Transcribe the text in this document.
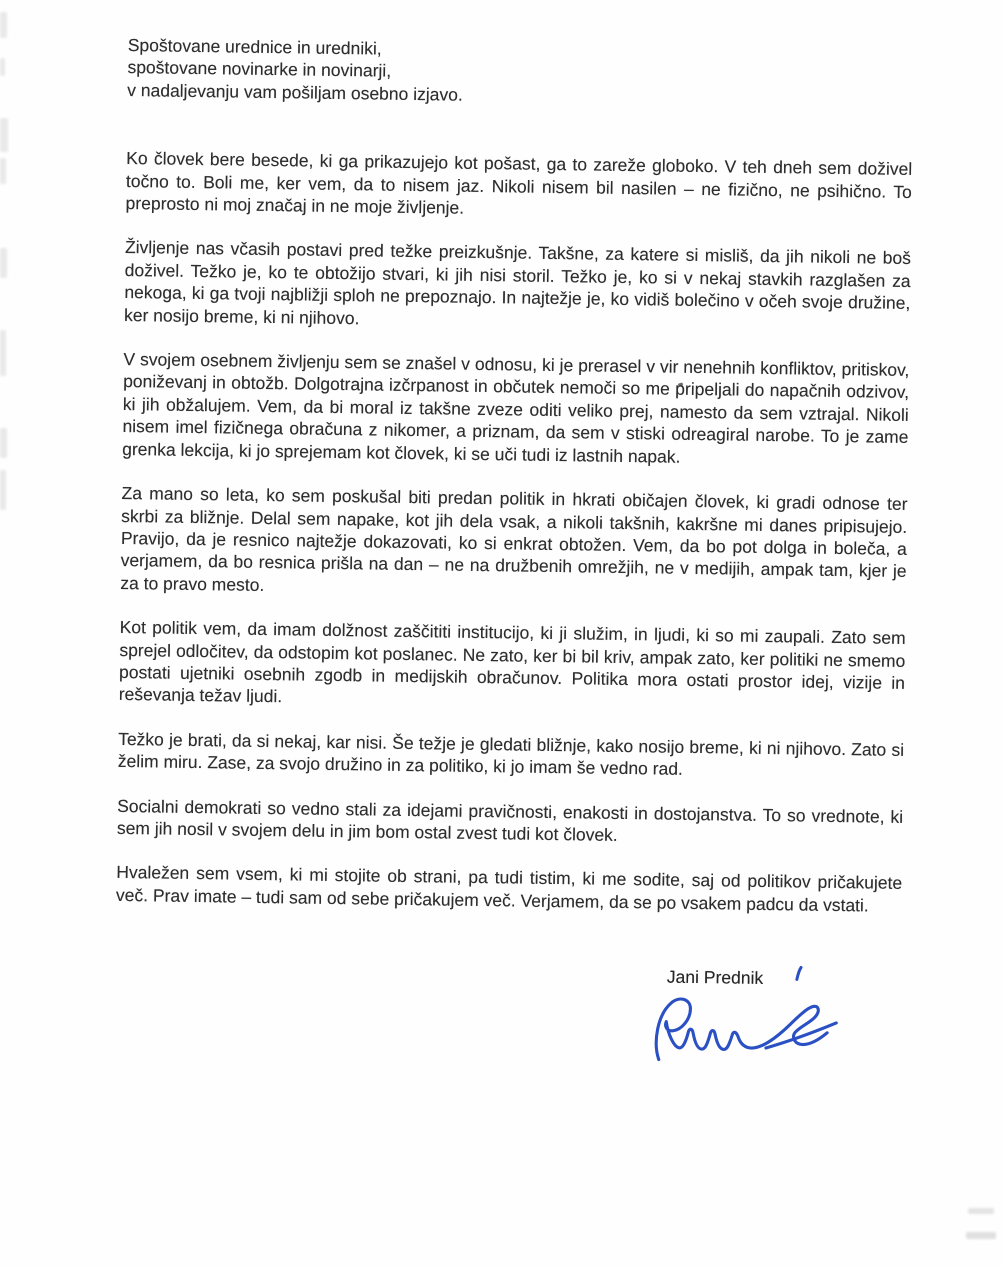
Spoštovane urednice in uredniki,
spoštovane novinarke in novinarji,
v nadaljevanju vam pošiljam osebno izjavo.

Ko človek bere besede, ki ga prikazujejo kot pošast, ga to zareže globoko. V teh dneh sem doživel točno to. Boli me, ker vem, da to nisem jaz. Nikoli nisem bil nasilen – ne fizično, ne psihično. To preprosto ni moj značaj in ne moje življenje.

Življenje nas včasih postavi pred težke preizkušnje. Takšne, za katere si misliš, da jih nikoli ne boš doživel. Težko je, ko te obtožijo stvari, ki jih nisi storil. Težko je, ko si v nekaj stavkih razglašen za nekoga, ki ga tvoji najbližji sploh ne prepoznajo. In najtežje je, ko vidiš bolečino v očeh svoje družine, ker nosijo breme, ki ni njihovo.

V svojem osebnem življenju sem se znašel v odnosu, ki je prerasel v vir nenehnih konfliktov, pritiskov, poniževanj in obtožb. Dolgotrajna izčrpanost in občutek nemoči so me pripeljali do napačnih odzivov, ki jih obžalujem. Vem, da bi moral iz takšne zveze oditi veliko prej, namesto da sem vztrajal. Nikoli nisem imel fizičnega obračuna z nikomer, a priznam, da sem v stiski odreagiral narobe. To je zame grenka lekcija, ki jo sprejemam kot človek, ki se uči tudi iz lastnih napak.

Za mano so leta, ko sem poskušal biti predan politik in hkrati običajen človek, ki gradi odnose ter skrbi za bližnje. Delal sem napake, kot jih dela vsak, a nikoli takšnih, kakršne mi danes pripisujejo. Pravijo, da je resnico najtežje dokazovati, ko si enkrat obtožen. Vem, da bo pot dolga in boleča, a verjamem, da bo resnica prišla na dan – ne na družbenih omrežjih, ne v medijih, ampak tam, kjer je za to pravo mesto.

Kot politik vem, da imam dolžnost zaščititi institucijo, ki ji služim, in ljudi, ki so mi zaupali. Zato sem sprejel odločitev, da odstopim kot poslanec. Ne zato, ker bi bil kriv, ampak zato, ker politiki ne smemo postati ujetniki osebnih zgodb in medijskih obračunov. Politika mora ostati prostor idej, vizije in reševanja težav ljudi.

Težko je brati, da si nekaj, kar nisi. Še težje je gledati bližnje, kako nosijo breme, ki ni njihovo. Zato si želim miru. Zase, za svojo družino in za politiko, ki jo imam še vedno rad.

Socialni demokrati so vedno stali za idejami pravičnosti, enakosti in dostojanstva. To so vrednote, ki sem jih nosil v svojem delu in jim bom ostal zvest tudi kot človek.

Hvaležen sem vsem, ki mi stojite ob strani, pa tudi tistim, ki me sodite, saj od politikov pričakujete več. Prav imate – tudi sam od sebe pričakujem več. Verjamem, da se po vsakem padcu da vstati.

Jani Prednik
